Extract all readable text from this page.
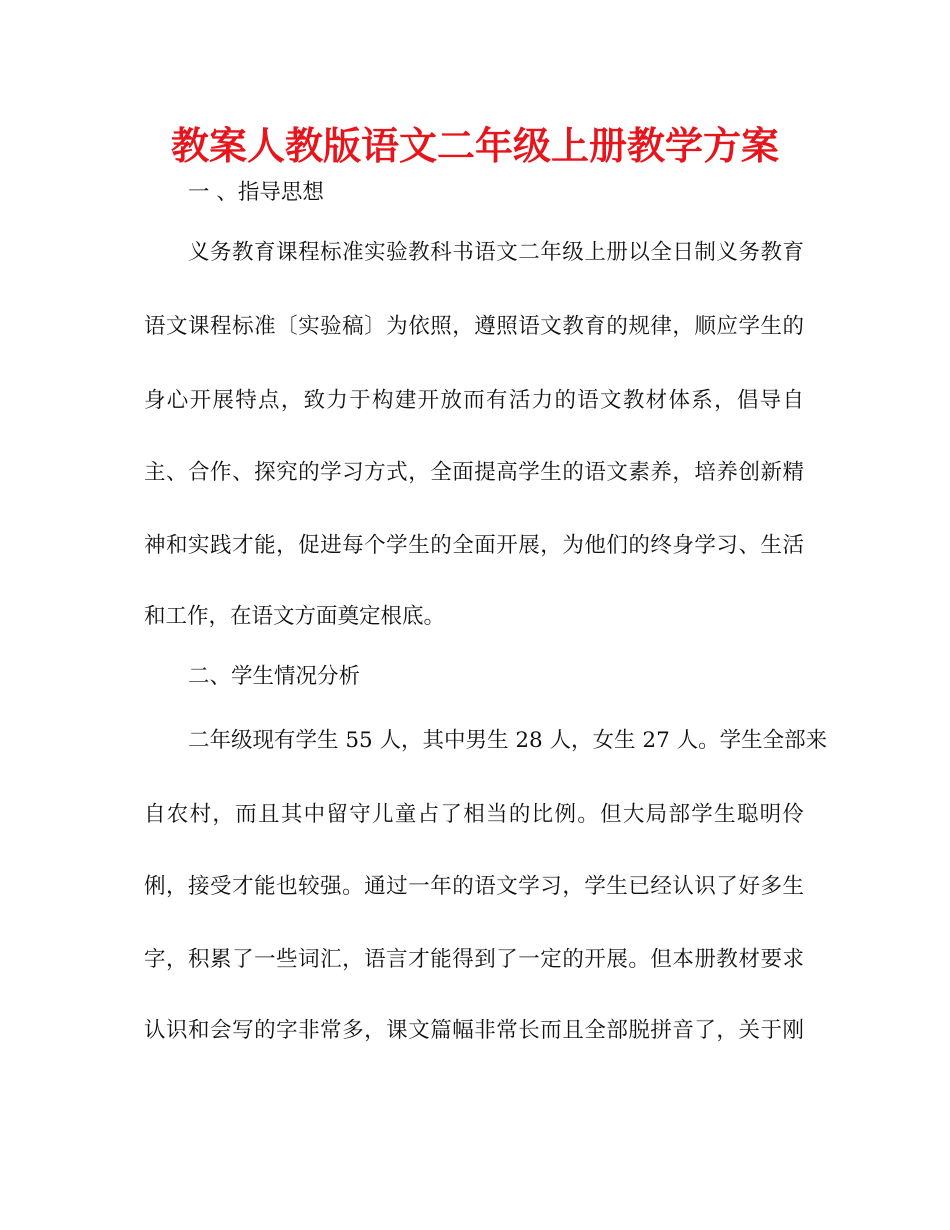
教案人教版语文二年级上册教学方案

一 、指导思想

义务教育课程标准实验教科书语文二年级上册以全日制义务教育

语文课程标准〔实验稿〕为依照，遵照语文教育的规律，顺应学生的

身心开展特点，致力于构建开放而有活力的语文教材体系，倡导自

主、合作、探究的学习方式，全面提高学生的语文素养，培养创新精

神和实践才能，促进每个学生的全面开展，为他们的终身学习、生活

和工作，在语文方面奠定根底。

二、学生情况分析

二年级现有学生 55 人，其中男生 28 人，女生 27 人。学生全部来

自农村，而且其中留守儿童占了相当的比例。但大局部学生聪明伶

俐，接受才能也较强。通过一年的语文学习，学生已经认识了好多生

字，积累了一些词汇，语言才能得到了一定的开展。但本册教材要求

认识和会写的字非常多，课文篇幅非常长而且全部脱拼音了，关于刚
